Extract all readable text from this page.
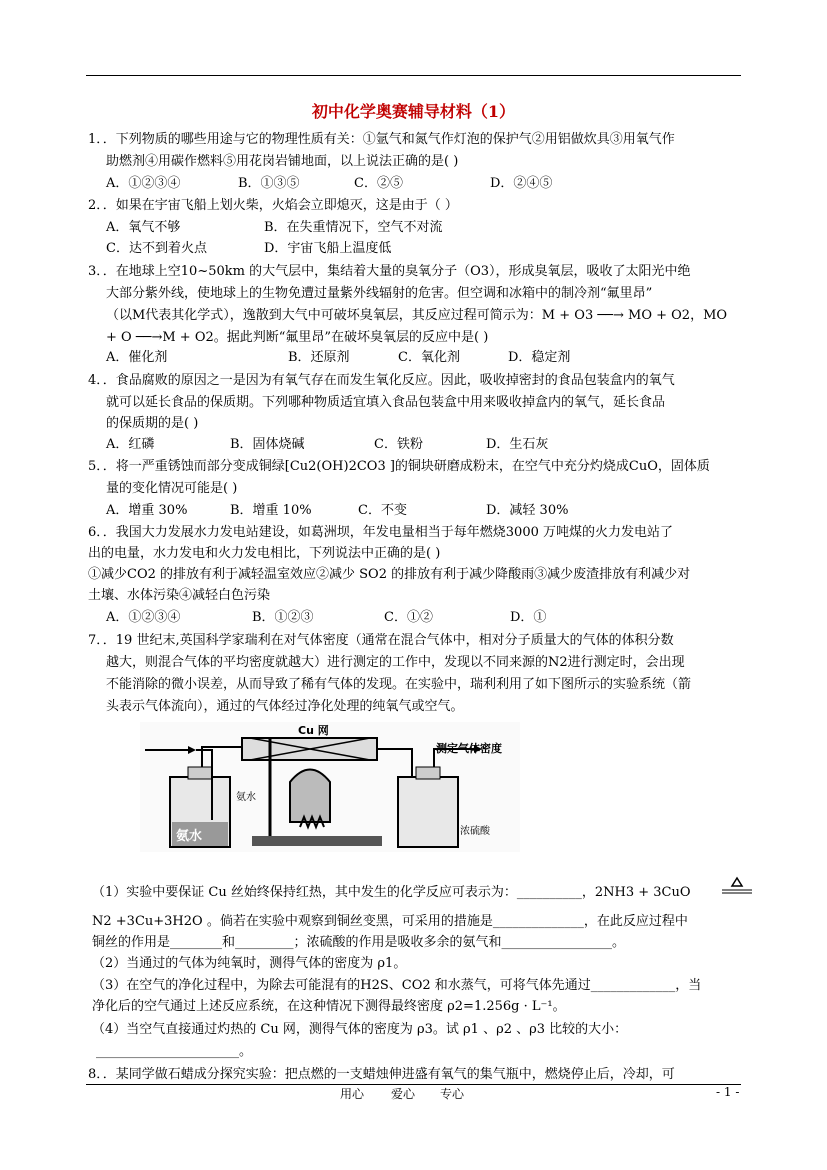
初中化学奥赛辅导材料（1）
1．．下列物质的哪些用途与它的物理性质有关：①氩气和氮气作灯泡的保护气②用铝做炊具③用氧气作
助燃剂④用碳作燃料⑤用花岗岩铺地面，以上说法正确的是( )
A．①②③④	B．①③⑤	C．②⑤	D．②④⑤
2．．如果在宇宙飞船上划火柴，火焰会立即熄灭，这是由于（ ）
A．氧气不够	B．在失重情况下，空气不对流
C．达不到着火点	D．宇宙飞船上温度低
3．．在地球上空10~50km 的大气层中，集结着大量的臭氧分子（O3），形成臭氧层，吸收了太阳光中绝
大部分紫外线，使地球上的生物免遭过量紫外线辐射的危害。但空调和冰箱中的制冷剂“氟里昂”
（以M代表其化学式），逸散到大气中可破坏臭氧层，其反应过程可简示为：M + O3 ──→ MO + O2，MO
+ O ──→M + O2。据此判断“氟里昂”在破坏臭氧层的反应中是( )
A．催化剂	B．还原剂	C．氧化剂	D．稳定剂
4．．食品腐败的原因之一是因为有氧气存在而发生氧化反应。因此，吸收掉密封的食品包装盒内的氧气
就可以延长食品的保质期。下列哪种物质适宜填入食品包装盒中用来吸收掉盒内的氧气，延长食品
的保质期的是( )
A．红磷	B．固体烧碱	C．铁粉	D．生石灰
5．．将一严重锈蚀而部分变成铜绿[Cu2(OH)2CO3 ]的铜块研磨成粉末，在空气中充分灼烧成CuO，固体质
量的变化情况可能是( )
A．增重 30%	B．增重 10%	C．不变	D．减轻 30%
6．．我国大力发展水力发电站建设，如葛洲坝，年发电量相当于每年燃烧3000 万吨煤的火力发电站了
出的电量，水力发电和火力发电相比，下列说法中正确的是( )
①减少CO2 的排放有利于减轻温室效应②减少 SO2 的排放有利于减少降酸雨③减少废渣排放有利减少对
土壤、水体污染④减轻白色污染
A．①②③④	B．①②③	C．①②	D．①
7．．19 世纪末,英国科学家瑞利在对气体密度（通常在混合气体中，相对分子质量大的气体的体积分数
越大，则混合气体的平均密度就越大）进行测定的工作中，发现以不同来源的N2进行测定时，会出现
不能消除的微小误差，从而导致了稀有气体的发现。在实验中，瑞利利用了如下图所示的实验系统（箭
头表示气体流向），通过的气体经过净化处理的纯氧气或空气。
氨水
Cu 网
测定气体密度
氨水
浓硫酸
（1）实验中要保证 Cu 丝始终保持红热，其中发生的化学反应可表示为：__________，2NH3 + 3CuO
N2 +3Cu+3H2O 。倘若在实验中观察到铜丝变黑，可采用的措施是______________，在此反应过程中
铜丝的作用是________和_________；浓硫酸的作用是吸收多余的氨气和_________________。
（2）当通过的气体为纯氧时，测得气体的密度为 ρ1。
（3）在空气的净化过程中，为除去可能混有的H2S、CO2 和水蒸气，可将气体先通过_____________，当
净化后的空气通过上述反应系统，在这种情况下测得最终密度 ρ2=1.256g · L⁻¹。
（4）当空气直接通过灼热的 Cu 网，测得气体的密度为 ρ3。试 ρ1 、ρ2 、ρ3 比较的大小：
______________________。
8．．某同学做石蜡成分探究实验：把点燃的一支蜡烛伸进盛有氧气的集气瓶中，燃烧停止后，冷却，可
用心 爱心 专心	- 1 -
